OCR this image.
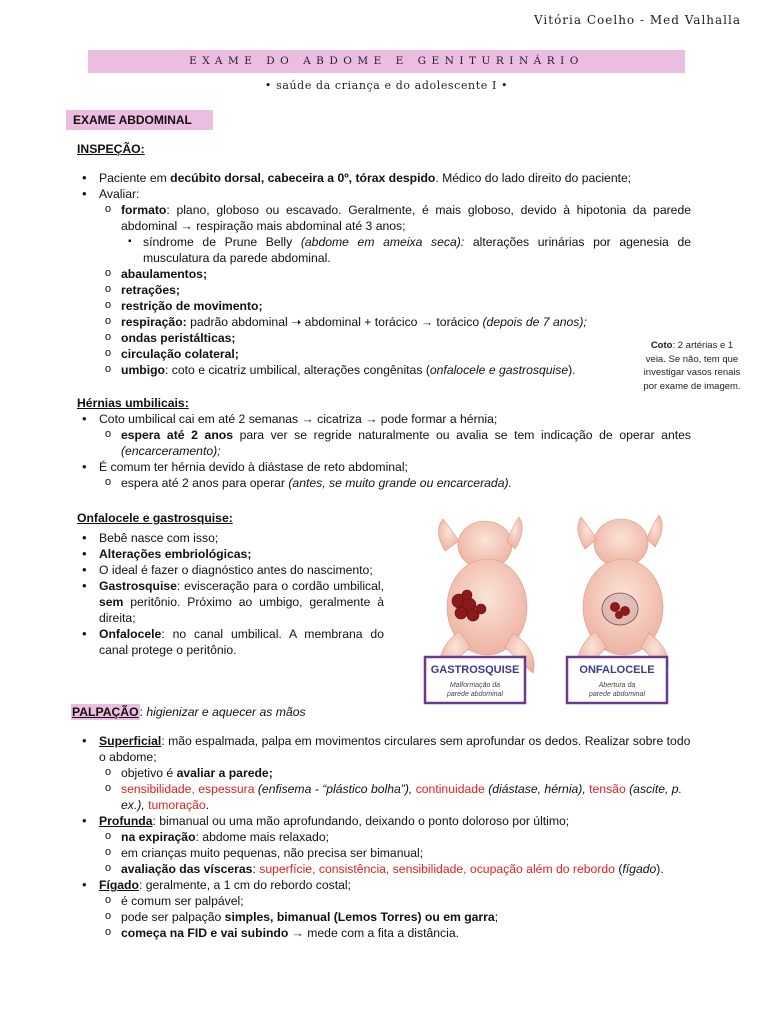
Vitória Coelho - Med Valhalla
EXAME DO ABDOME E GENITURINÁRIO
• saúde da criança e do adolescente I •
EXAME ABDOMINAL
INSPEÇÃO:
• Paciente em decúbito dorsal, cabeceira a 0º, tórax despido. Médico do lado direito do paciente;
• Avaliar:
o formato: plano, globoso ou escavado. Geralmente, é mais globoso, devido à hipotonia da parede abdominal → respiração mais abdominal até 3 anos;
▪ síndrome de Prune Belly (abdome em ameixa seca): alterações urinárias por agenesia de musculatura da parede abdominal.
o abaulamentos;
o retrações;
o restrição de movimento;
o respiração: padrão abdominal ➝ abdominal + torácico → torácico (depois de 7 anos);
o ondas peristálticas;
o circulação colateral;
o umbigo: coto e cicatriz umbilical, alterações congênitas (onfalocele e gastrosquise).
Coto: 2 artérias e 1 veia. Se não, tem que investigar vasos renais por exame de imagem.
Hérnias umbilicais:
• Coto umbilical cai em até 2 semanas → cicatriza → pode formar a hérnia;
o espera até 2 anos para ver se regride naturalmente ou avalia se tem indicação de operar antes (encarceramento);
• É comum ter hérnia devido à diástase de reto abdominal;
o espera até 2 anos para operar (antes, se muito grande ou encarcerada).
Onfalocele e gastrosquise:
• Bebê nasce com isso;
• Alterações embriológicas;
• O ideal é fazer o diagnóstico antes do nascimento;
• Gastrosquise: evisceração para o cordão umbilical, sem peritônio. Próximo ao umbigo, geralmente à direita;
• Onfalocele: no canal umbilical. A membrana do canal protege o peritônio.
GASTROSQUISE
Malformação da
parede abdominal
ONFALOCELE
Abertura da
parede abdominal
PALPAÇÃO: higienizar e aquecer as mãos
• Superficial: mão espalmada, palpa em movimentos circulares sem aprofundar os dedos. Realizar sobre todo o abdome;
o objetivo é avaliar a parede;
o sensibilidade, espessura (enfisema - “plástico bolha”), continuidade (diástase, hérnia), tensão (ascite, p. ex.), tumoração.
• Profunda: bimanual ou uma mão aprofundando, deixando o ponto doloroso por último;
o na expiração: abdome mais relaxado;
o em crianças muito pequenas, não precisa ser bimanual;
o avaliação das vísceras: superfície, consistência, sensibilidade, ocupação além do rebordo (fígado).
• Fígado: geralmente, a 1 cm do rebordo costal;
o é comum ser palpável;
o pode ser palpação simples, bimanual (Lemos Torres) ou em garra;
o começa na FID e vai subindo → mede com a fita a distância.
